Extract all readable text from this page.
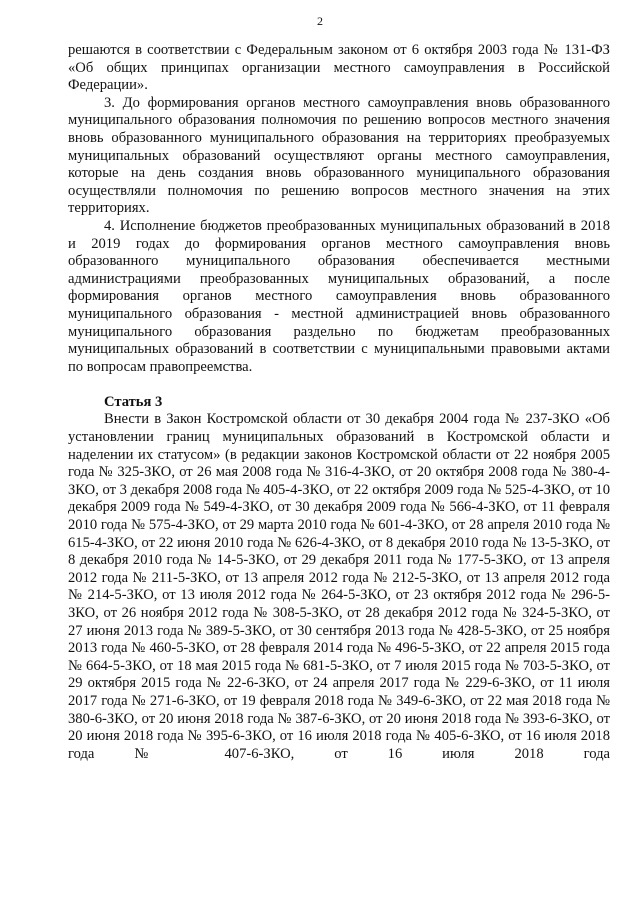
2

решаются в соответствии с Федеральным законом от 6 октября 2003 года № 131-ФЗ «Об общих принципах организации местного самоуправления в Российской Федерации».

3. До формирования органов местного самоуправления вновь образованного муниципального образования полномочия по решению вопросов местного значения вновь образованного муниципального образования на территориях преобразуемых муниципальных образований осуществляют органы местного самоуправления, которые на день создания вновь образованного муниципального образования осуществляли полномочия по решению вопросов местного значения на этих территориях.

4. Исполнение бюджетов преобразованных муниципальных образований в 2018 и 2019 годах до формирования органов местного самоуправления вновь образованного муниципального образования обеспечивается местными администрациями преобразованных муниципальных образований, а после формирования органов местного самоуправления вновь образованного муниципального образования - местной администрацией вновь образованного муниципального образования раздельно по бюджетам преобразованных муниципальных образований в соответствии с муниципальными правовыми актами по вопросам правопреемства.

Статья 3

Внести в Закон Костромской области от 30 декабря 2004 года № 237-ЗКО «Об установлении границ муниципальных образований в Костромской области и наделении их статусом» (в редакции законов Костромской области от 22 ноября 2005 года № 325-ЗКО, от 26 мая 2008 года № 316-4-ЗКО, от 20 октября 2008 года № 380-4-ЗКО, от 3 декабря 2008 года № 405-4-ЗКО, от 22 октября 2009 года № 525-4-ЗКО, от 10 декабря 2009 года № 549-4-ЗКО, от 30 декабря 2009 года № 566-4-ЗКО, от 11 февраля 2010 года № 575-4-ЗКО, от 29 марта 2010 года № 601-4-ЗКО, от 28 апреля 2010 года № 615-4-ЗКО, от 22 июня 2010 года № 626-4-ЗКО, от 8 декабря 2010 года № 13-5-ЗКО, от 8 декабря 2010 года № 14-5-ЗКО, от 29 декабря 2011 года № 177-5-ЗКО, от 13 апреля 2012 года № 211-5-ЗКО, от 13 апреля 2012 года № 212-5-ЗКО, от 13 апреля 2012 года № 214-5-ЗКО, от 13 июля 2012 года № 264-5-ЗКО, от 23 октября 2012 года № 296-5-ЗКО, от 26 ноября 2012 года № 308-5-ЗКО, от 28 декабря 2012 года № 324-5-ЗКО, от 27 июня 2013 года № 389-5-ЗКО, от 30 сентября 2013 года № 428-5-ЗКО, от 25 ноября 2013 года № 460-5-ЗКО, от 28 февраля 2014 года № 496-5-ЗКО, от 22 апреля 2015 года № 664-5-ЗКО, от 18 мая 2015 года № 681-5-ЗКО, от 7 июля 2015 года № 703-5-ЗКО, от 29 октября 2015 года № 22-6-ЗКО, от 24 апреля 2017 года № 229-6-ЗКО, от 11 июля 2017 года № 271-6-ЗКО, от 19 февраля 2018 года № 349-6-ЗКО, от 22 мая 2018 года № 380-6-ЗКО, от 20 июня 2018 года № 387-6-ЗКО, от 20 июня 2018 года № 393-6-ЗКО, от 20 июня 2018 года № 395-6-ЗКО, от 16 июля 2018 года № 405-6-ЗКО, от 16 июля 2018 года № 407-6-ЗКО, от 16 июля 2018 года
